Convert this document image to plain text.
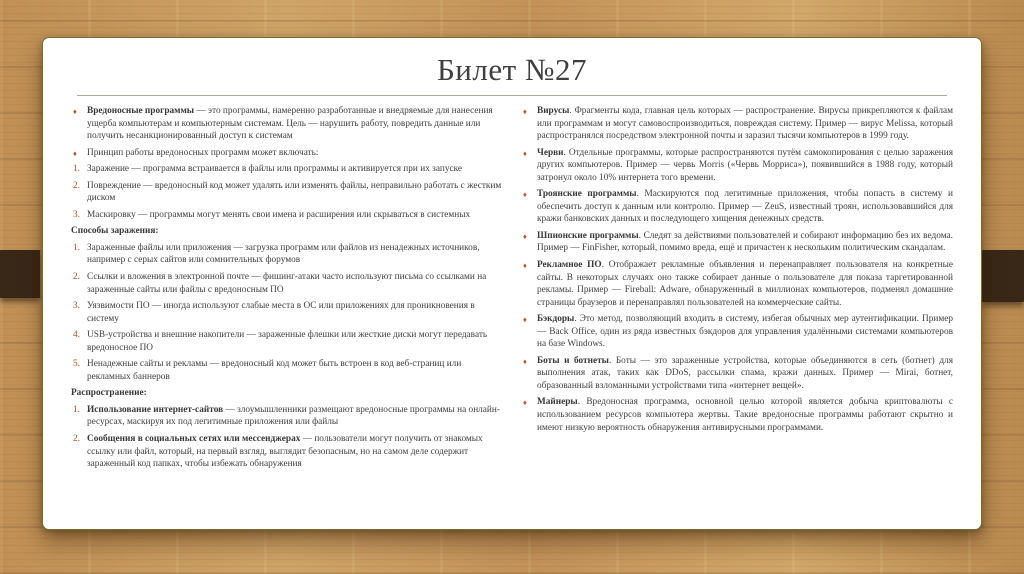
Билет №27
♦	Вредоносные программы — это программы, намеренно разработанные и внедряемые для нанесения ущерба компьютерам и компьютерным системам. Цель — нарушить работу, повредить данные или получить несанкционированный доступ к системам
♦	Принцип работы вредоносных программ может включать:
1. Заражение — программа встраивается в файлы или программы и активируется при их запуске
2. Повреждение — вредоносный код может удалять или изменять файлы, неправильно работать с жестким диском
3. Маскировку — программы могут менять свои имена и расширения или скрываться в системных
Способы заражения:
1. Зараженные файлы или приложения — загрузка программ или файлов из ненадежных источников, например с серых сайтов или сомнительных форумов
2. Ссылки и вложения в электронной почте — фишинг-атаки часто используют письма со ссылками на зараженные сайты или файлы с вредоносным ПО
3. Уязвимости ПО — иногда используют слабые места в ОС или приложениях для проникновения в систему
4. USB-устройства и внешние накопители — зараженные флешки или жесткие диски могут передавать вредоносное ПО
5. Ненадежные сайты и рекламы — вредоносный код может быть встроен в код веб-страниц или рекламных баннеров
Распространение:
1. Использование интернет-сайтов — злоумышленники размещают вредоносные программы на онлайн-ресурсах, маскируя их под легитимные приложения или файлы
2. Сообщения в социальных сетях или мессенджерах — пользователи могут получить от знакомых ссылку или файл, который, на первый взгляд, выглядит безопасным, но на самом деле содержит зараженный код папках, чтобы избежать обнаружения
♦	Вирусы. Фрагменты кода, главная цель которых — распространение. Вирусы прикрепляются к файлам или программам и могут самовоспроизводиться, повреждая систему. Пример — вирус Melissa, который распространялся посредством электронной почты и заразил тысячи компьютеров в 1999 году.
♦	Черви. Отдельные программы, которые распространяются путём самокопирования с целью заражения других компьютеров. Пример — червь Morris («Червь Морриса»), появившийся в 1988 году, который затронул около 10% интернета того времени.
♦	Троянские программы. Маскируются под легитимные приложения, чтобы попасть в систему и обеспечить доступ к данным или контролю. Пример — ZeuS, известный троян, использовавшийся для кражи банковских данных и последующего хищения денежных средств.
♦	Шпионские программы. Следят за действиями пользователей и собирают информацию без их ведома. Пример — FinFisher, который, помимо вреда, ещё и причастен к нескольким политическим скандалам.
♦	Рекламное ПО. Отображает рекламные объявления и перенаправляет пользователя на конкретные сайты. В некоторых случаях оно также собирает данные о пользователе для показа таргетированной рекламы. Пример — Fireball: Adware, обнаруженный в миллионах компьютеров, подменял домашние страницы браузеров и перенаправлял пользователей на коммерческие сайты.
♦	Бэкдоры. Это метод, позволяющий входить в систему, избегая обычных мер аутентификации. Пример — Back Office, один из ряда известных бэкдоров для управления удалёнными системами компьютеров на базе Windows.
♦	Боты и ботнеты. Боты — это зараженные устройства, которые объединяются в сеть (ботнет) для выполнения атак, таких как DDoS, рассылки спама, кражи данных. Пример — Mirai, ботнет, образованный взломанными устройствами типа «интернет вещей».
♦	Майнеры. Вредоносная программа, основной целью которой является добыча криптовалюты с использованием ресурсов компьютера жертвы. Такие вредоносные программы работают скрытно и имеют низкую вероятность обнаружения антивирусными программами.
